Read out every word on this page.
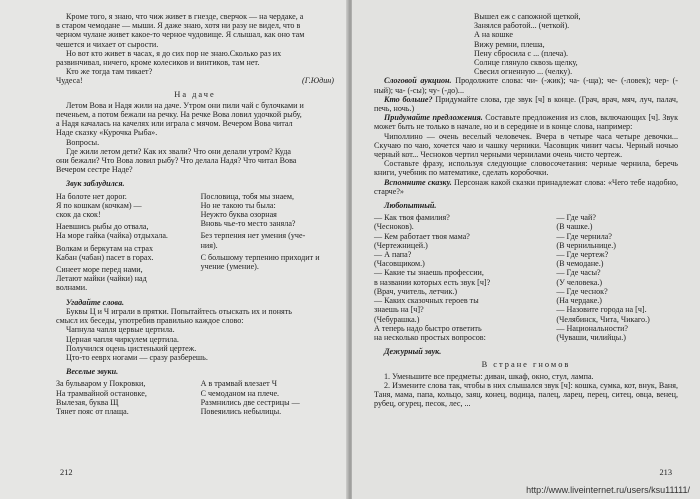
Кроме того, я знаю, что чиж живет в гнезде, сверчок — на чердаке, а

в старом чемодане — мыши. Я даже знаю, хотя ни разу не видел, что в

черном чулане живет какое-то черное чудовище. Я слышал, как оно там

чешется и чихает от сырости.

Но вот кто живет в часах, я до сих пор не знаю.Сколько раз их

развинчивал, ничего, кроме колесиков и винтиков, там нет.

Кто же тогда там тикает?

Чудеса!	(Г.Юдин)

На даче

Летом Вова и Надя жили на даче. Утром они пили чай с булочками и

печеньем, а потом бежали на речку. На речке Вова ловил удочкой рыбу,

а Надя качалась на качелях или играла с мячом. Вечером Вова читал

Наде сказку «Курочка Рыба».

Вопросы.

Где жили летом дети? Как их звали? Что они делали утром? Куда

они бежали? Что Вова ловил рыбу? Что делала Надя? Что читал Вова

Вечером сестре Наде?

Звук заблудился.

На болоте нет дорог.

Я по кошкам (кочкам) —

скок да скок!

Наевшись рыбы до отвала,

На море гайка (чайка) отдыхала.

Волкам и беркутам на страх

Кабан (чабан) пасет в горах.

Синеет море перед нами,

Летают майки (чайки) над

волнами.

Пословица, тобя мы знаем,

Но не такою ты была:

Неужто буква озорная

Вновь чье-то место заняла?

Без терпения нет умения (уче-

ния).

С большому терпению приходит и

учение (умение).

Угадайте слова.

Буквы Ц и Ч играли в прятки. Попытайтесь отыскать их и понять

смысл их беседы, употребив правильно каждое слово:

Чапнула чапля цервые цертила.

Церная чапля чиркулем цертила.

Получился оцень цистенький цертеж.

Цто-то ееврх ногами — сразу разберешь.

Веселые звуки.

За бульваром у Покровки,

На трамвайной остановке,

Вылезая, буква Щ

Тянет пояс от плаща.

А в трамвай влезает Ч

С чемоданом на плече.

Размнились две сестрицы —

Повеяились небылицы.

212

Вышел еж с сапожной щеткой,

Занялся работой... (четкой).

А на кошке

Вижу ремни, плеша,

Пену сбросила с ... (плеча).

Солнце глянуло сквозь щелку,

Свесил огненную ... (челку).

Слоговой аукцион. Продолжите слова: чи- (-жик); ча- (-ща); че- (-ловек); чер- (-ный); ча- (-сы); чу- (-до)...

Кто больше? Придумайте слова, где звук [ч] в конце. (Грач, врач, мяч, луч, палач, печь, ночь.)

Придумайте предложения. Составьте предложения из слов, включающих [ч]. Звук может быть не только в начале, но и в середине и в конце слова, например:

Чиполлино — очень веселый человечек. Вчера в четыре часа четыре девочки... Скучаю по чаю, хочется чаю и чашку черники. Часовщик чинит часы. Черный ночью черный кот... Чесноков чертил черными чернилами очень чисто чертеж.

Составьте фразу, используя следующие словосочетания: черные чернила, беречь книги, учебник по математике, сделать коробочки.

Вспомните сказку. Персонаж какой сказки принадлежат слова: «Чего тебе надобно, старче?»

Любопытный.

— Как твоя фамилия?

(Чесноков).

— Кем работает твоя мама?

(Чертежницей.)

— А папа?

(Часовщиком.)

— Какие ты знаешь профессии,

в названии которых есть звук [ч]?

(Врач, учитель, летчик.)

— Каких сказочных героев ты

знаешь на [ч]?

(Чебурашка.)

А теперь надо быстро ответить

на несколько простых вопросов:

— Где чай?

(В чашке.)

— Где чернила?

(В чернильнице.)

— Где чертеж?

(В чемодане.)

— Где часы?

(У человека.)

— Где чеснок?

(На чердаке.)

— Назовите города на [ч].

(Челябинск, Чита, Чикаго.)

— Национальности?

(Чуваши, чилийцы.)

Дежурный звук.

В стране гномов

1. Уменьшите все предметы: диван, шкаф, окно, стул, лампа.

2. Измените слова так, чтобы в них слышался звук [ч]: кошка, сумка, кот, внук, Ваня, Таня, мама, папа, кольцо, заяц, конец, водица, палец, ларец, перец, ситец, овца, венец, рубец, огурец, песок, лес, ...

213
http://www.liveinternet.ru/users/ksu11111/
